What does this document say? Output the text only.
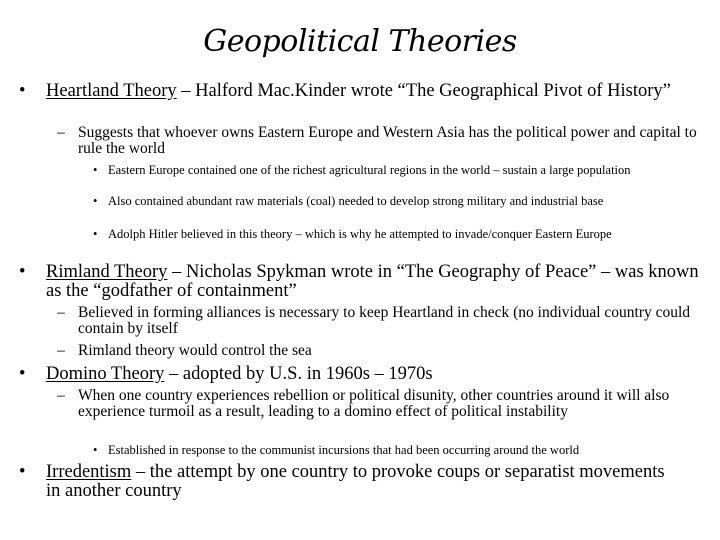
Geopolitical Theories
• Heartland Theory – Halford Mac.Kinder wrote “The Geographical Pivot of History”
– Suggests that whoever owns Eastern Europe and Western Asia has the political power and capital to rule the world
• Eastern Europe contained one of the richest agricultural regions in the world – sustain a large population
• Also contained abundant raw materials (coal) needed to develop strong military and industrial base
• Adolph Hitler believed in this theory – which is why he attempted to invade/conquer Eastern Europe
• Rimland Theory – Nicholas Spykman wrote in “The Geography of Peace” – was known as the “godfather of containment”
– Believed in forming alliances is necessary to keep Heartland in check (no individual country could contain by itself
– Rimland theory would control the sea
• Domino Theory – adopted by U.S. in 1960s – 1970s
– When one country experiences rebellion or political disunity, other countries around it will also experience turmoil as a result, leading to a domino effect of political instability
• Established in response to the communist incursions that had been occurring around the world
• Irredentism – the attempt by one country to provoke coups or separatist movements in another country
